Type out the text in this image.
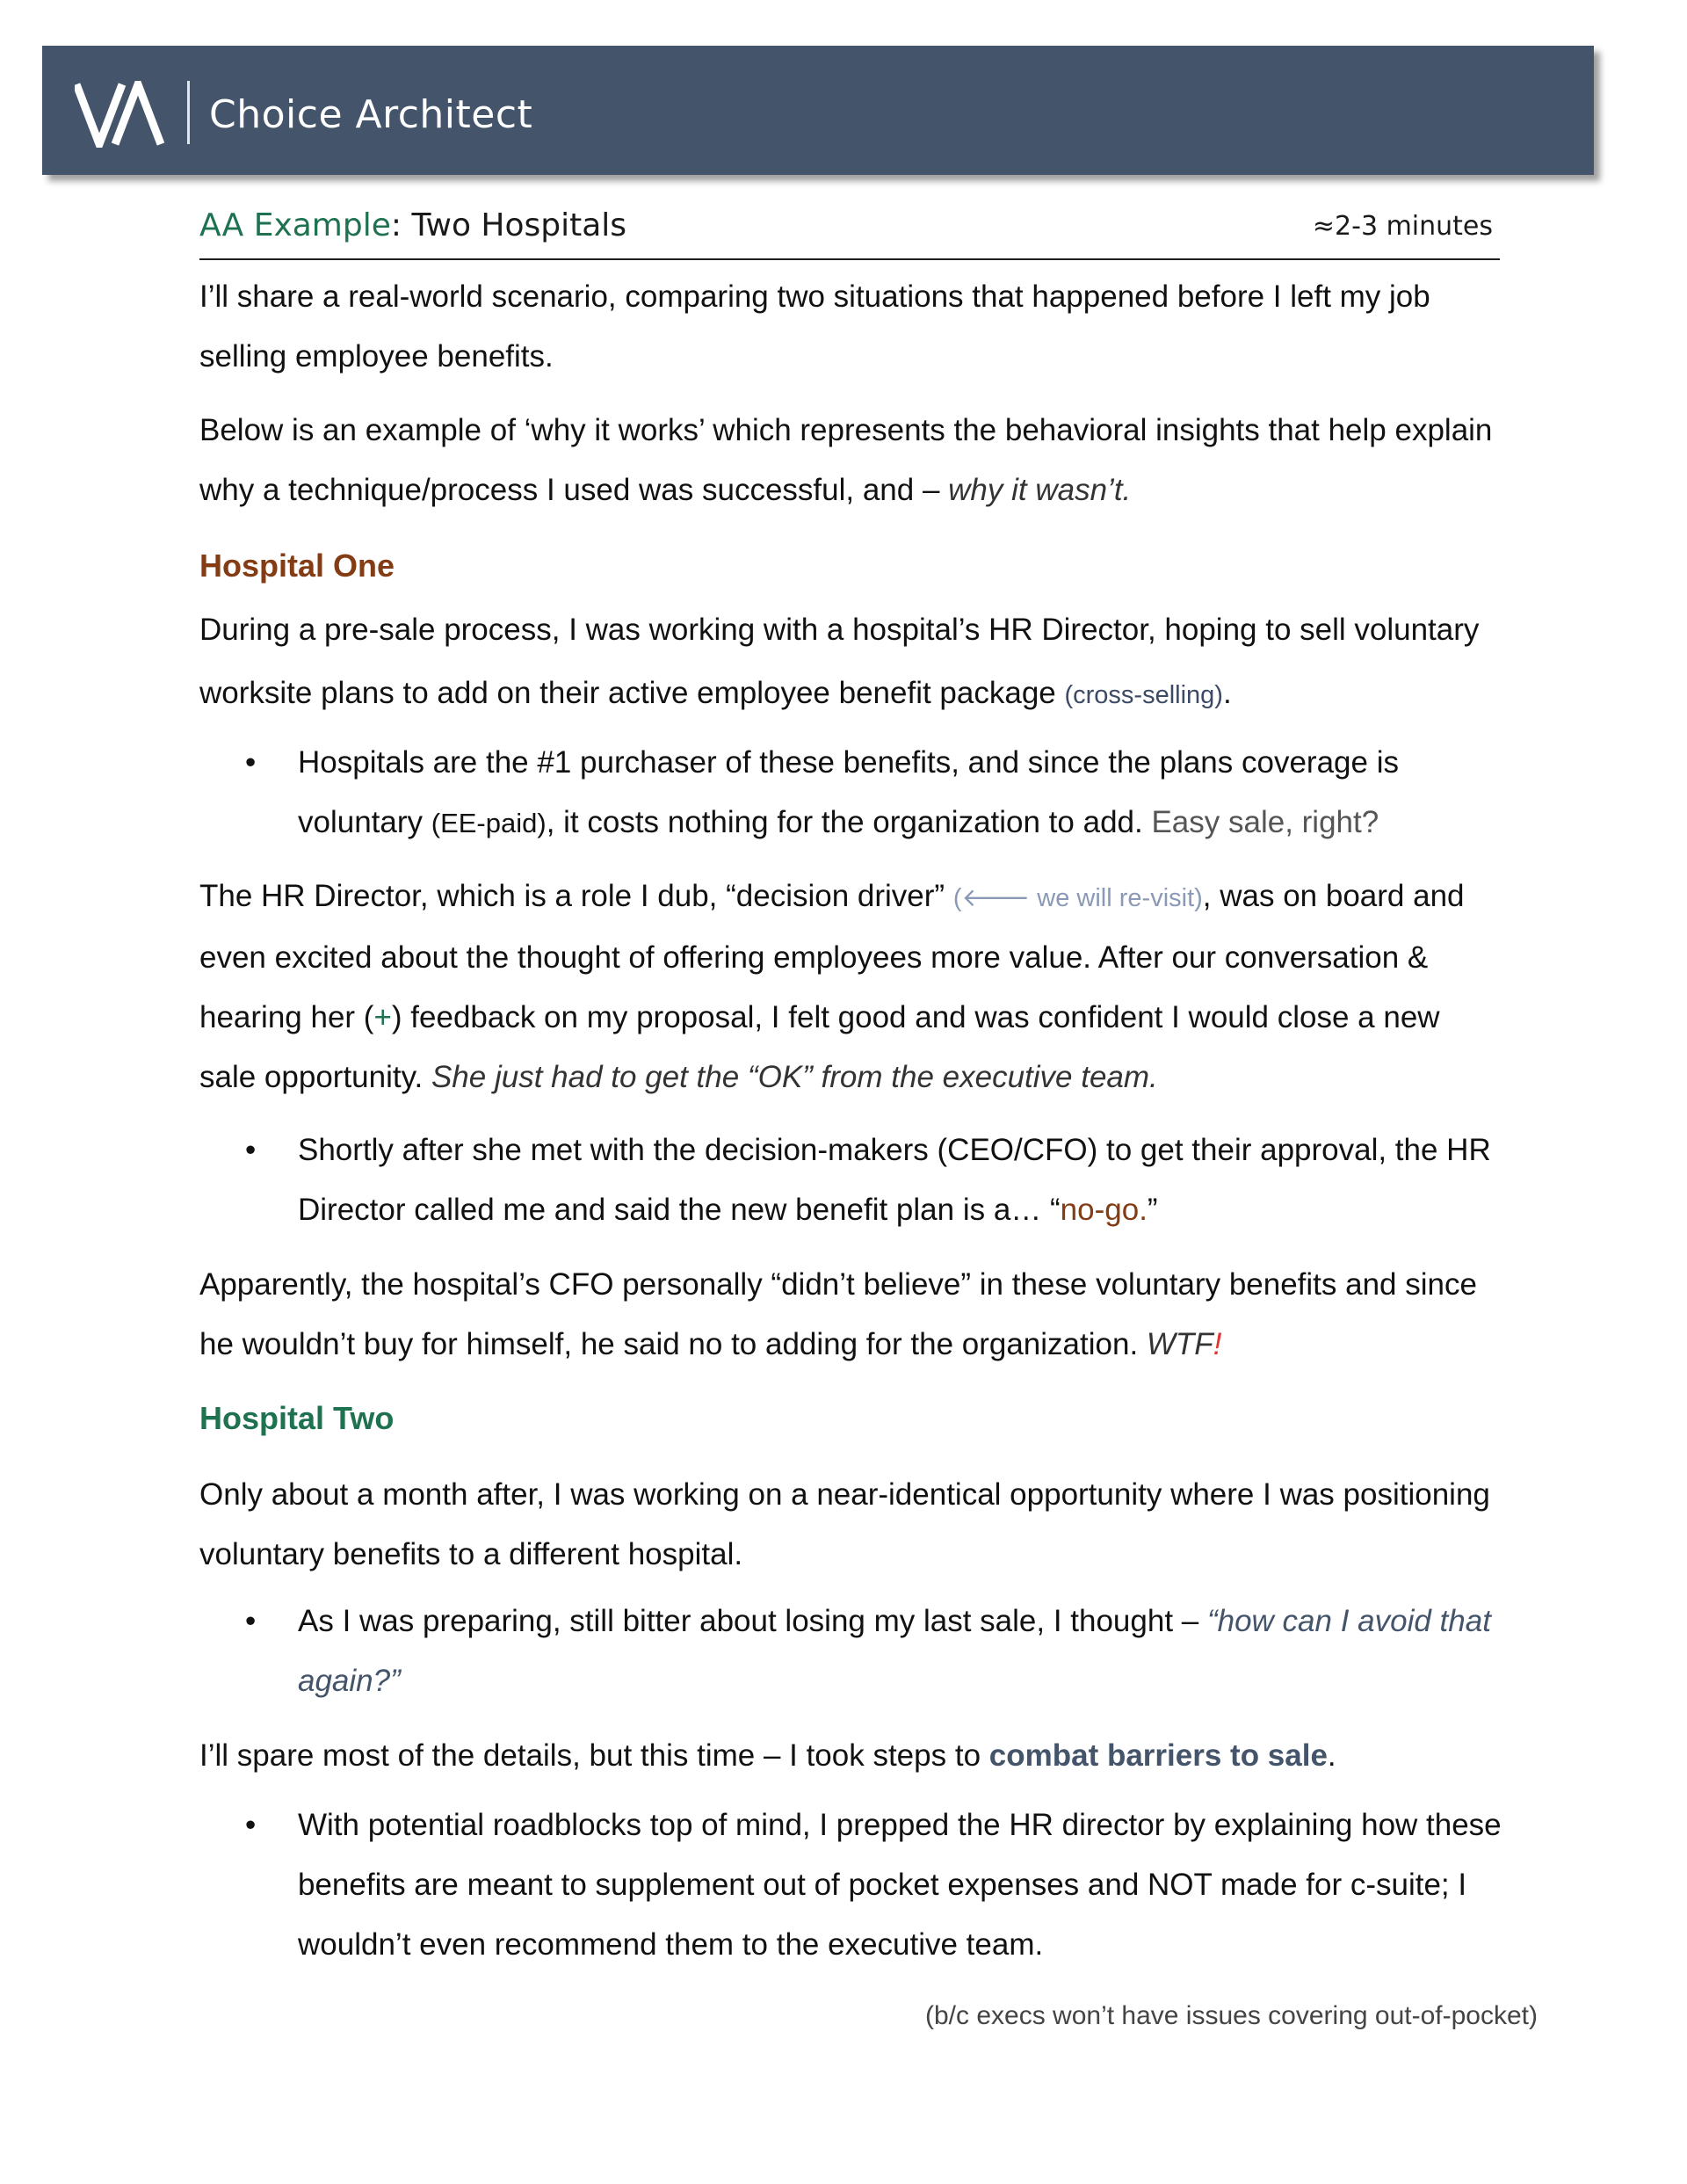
Choice Architect
AA Example: Two Hospitals	≈2-3 minutes

I’ll share a real-world scenario, comparing two situations that happened before I left my job selling employee benefits.

Below is an example of ‘why it works’ which represents the behavioral insights that help explain why a technique/process I used was successful, and – why it wasn’t.

Hospital One

During a pre-sale process, I was working with a hospital’s HR Director, hoping to sell voluntary worksite plans to add on their active employee benefit package (cross-selling).

• Hospitals are the #1 purchaser of these benefits, and since the plans coverage is voluntary (EE-paid), it costs nothing for the organization to add. Easy sale, right?

The HR Director, which is a role I dub, “decision driver” (🡐 we will re-visit), was on board and even excited about the thought of offering employees more value. After our conversation & hearing her (+) feedback on my proposal, I felt good and was confident I would close a new sale opportunity. She just had to get the “OK” from the executive team.

• Shortly after she met with the decision-makers (CEO/CFO) to get their approval, the HR Director called me and said the new benefit plan is a… “no-go.”

Apparently, the hospital’s CFO personally “didn’t believe” in these voluntary benefits and since he wouldn’t buy for himself, he said no to adding for the organization. WTF!

Hospital Two

Only about a month after, I was working on a near-identical opportunity where I was positioning voluntary benefits to a different hospital.

• As I was preparing, still bitter about losing my last sale, I thought – “how can I avoid that again?”

I’ll spare most of the details, but this time – I took steps to combat barriers to sale.

• With potential roadblocks top of mind, I prepped the HR director by explaining how these benefits are meant to supplement out of pocket expenses and NOT made for c-suite; I wouldn’t even recommend them to the executive team.

(b/c execs won’t have issues covering out-of-pocket)
